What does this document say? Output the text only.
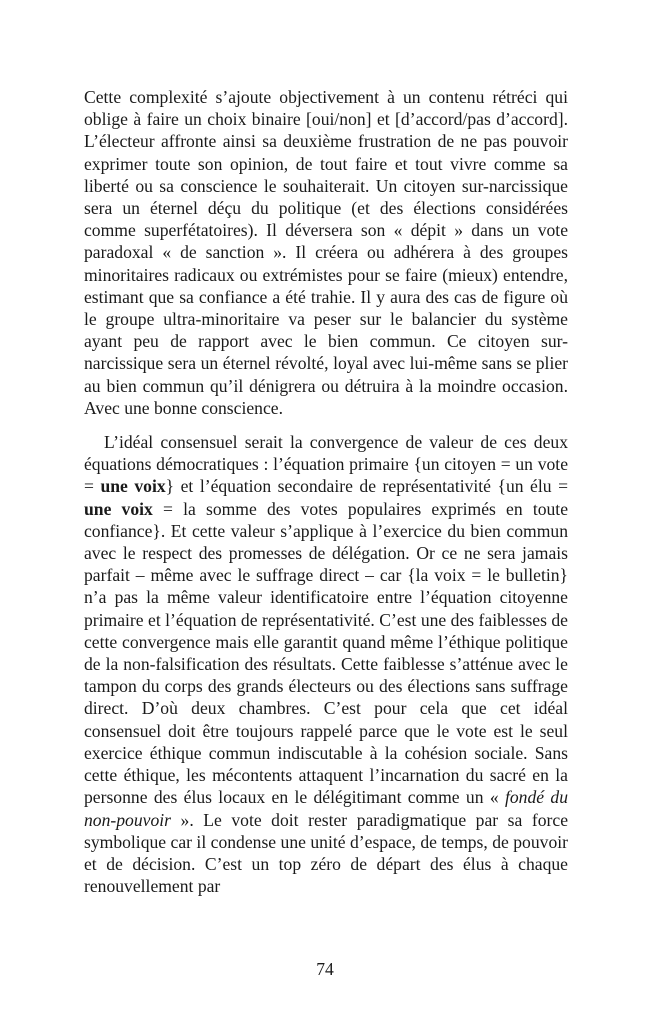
Cette complexité s’ajoute objectivement à un contenu rétréci qui oblige à faire un choix binaire [oui/non] et [d’accord/pas d’accord]. L’électeur affronte ainsi sa deuxième frustration de ne pas pouvoir exprimer toute son opinion, de tout faire et tout vivre comme sa liberté ou sa conscience le souhaiterait. Un citoyen sur-narcissique sera un éternel déçu du politique (et des élections considérées comme superfétatoires). Il déversera son « dépit » dans un vote paradoxal « de sanction ». Il créera ou adhérera à des groupes minoritaires radicaux ou extrémistes pour se faire (mieux) entendre, estimant que sa confiance a été trahie. Il y aura des cas de figure où le groupe ultra-minoritaire va peser sur le balancier du système ayant peu de rapport avec le bien commun. Ce citoyen sur-narcissique sera un éternel révolté, loyal avec lui-même sans se plier au bien commun qu’il dénigrera ou détruira à la moindre occasion. Avec une bonne conscience.

L’idéal consensuel serait la convergence de valeur de ces deux équations démocratiques : l’équation primaire {un citoyen = un vote = une voix} et l’équation secondaire de représentativité {un élu = une voix = la somme des votes populaires exprimés en toute confiance}. Et cette valeur s’applique à l’exercice du bien commun avec le respect des promesses de délégation. Or ce ne sera jamais parfait – même avec le suffrage direct – car {la voix = le bulletin} n’a pas la même valeur identificatoire entre l’équation citoyenne primaire et l’équation de représentativité. C’est une des faiblesses de cette convergence mais elle garantit quand même l’éthique politique de la non-falsification des résultats. Cette faiblesse s’atténue avec le tampon du corps des grands électeurs ou des élections sans suffrage direct. D’où deux chambres. C’est pour cela que cet idéal consensuel doit être toujours rappelé parce que le vote est le seul exercice éthique commun indiscutable à la cohésion sociale. Sans cette éthique, les mécontents attaquent l’incarnation du sacré en la personne des élus locaux en le délégitimant comme un « fondé du non-pouvoir ». Le vote doit rester paradigmatique par sa force symbolique car il condense une unité d’espace, de temps, de pouvoir et de décision. C’est un top zéro de départ des élus à chaque renouvellement par

74
